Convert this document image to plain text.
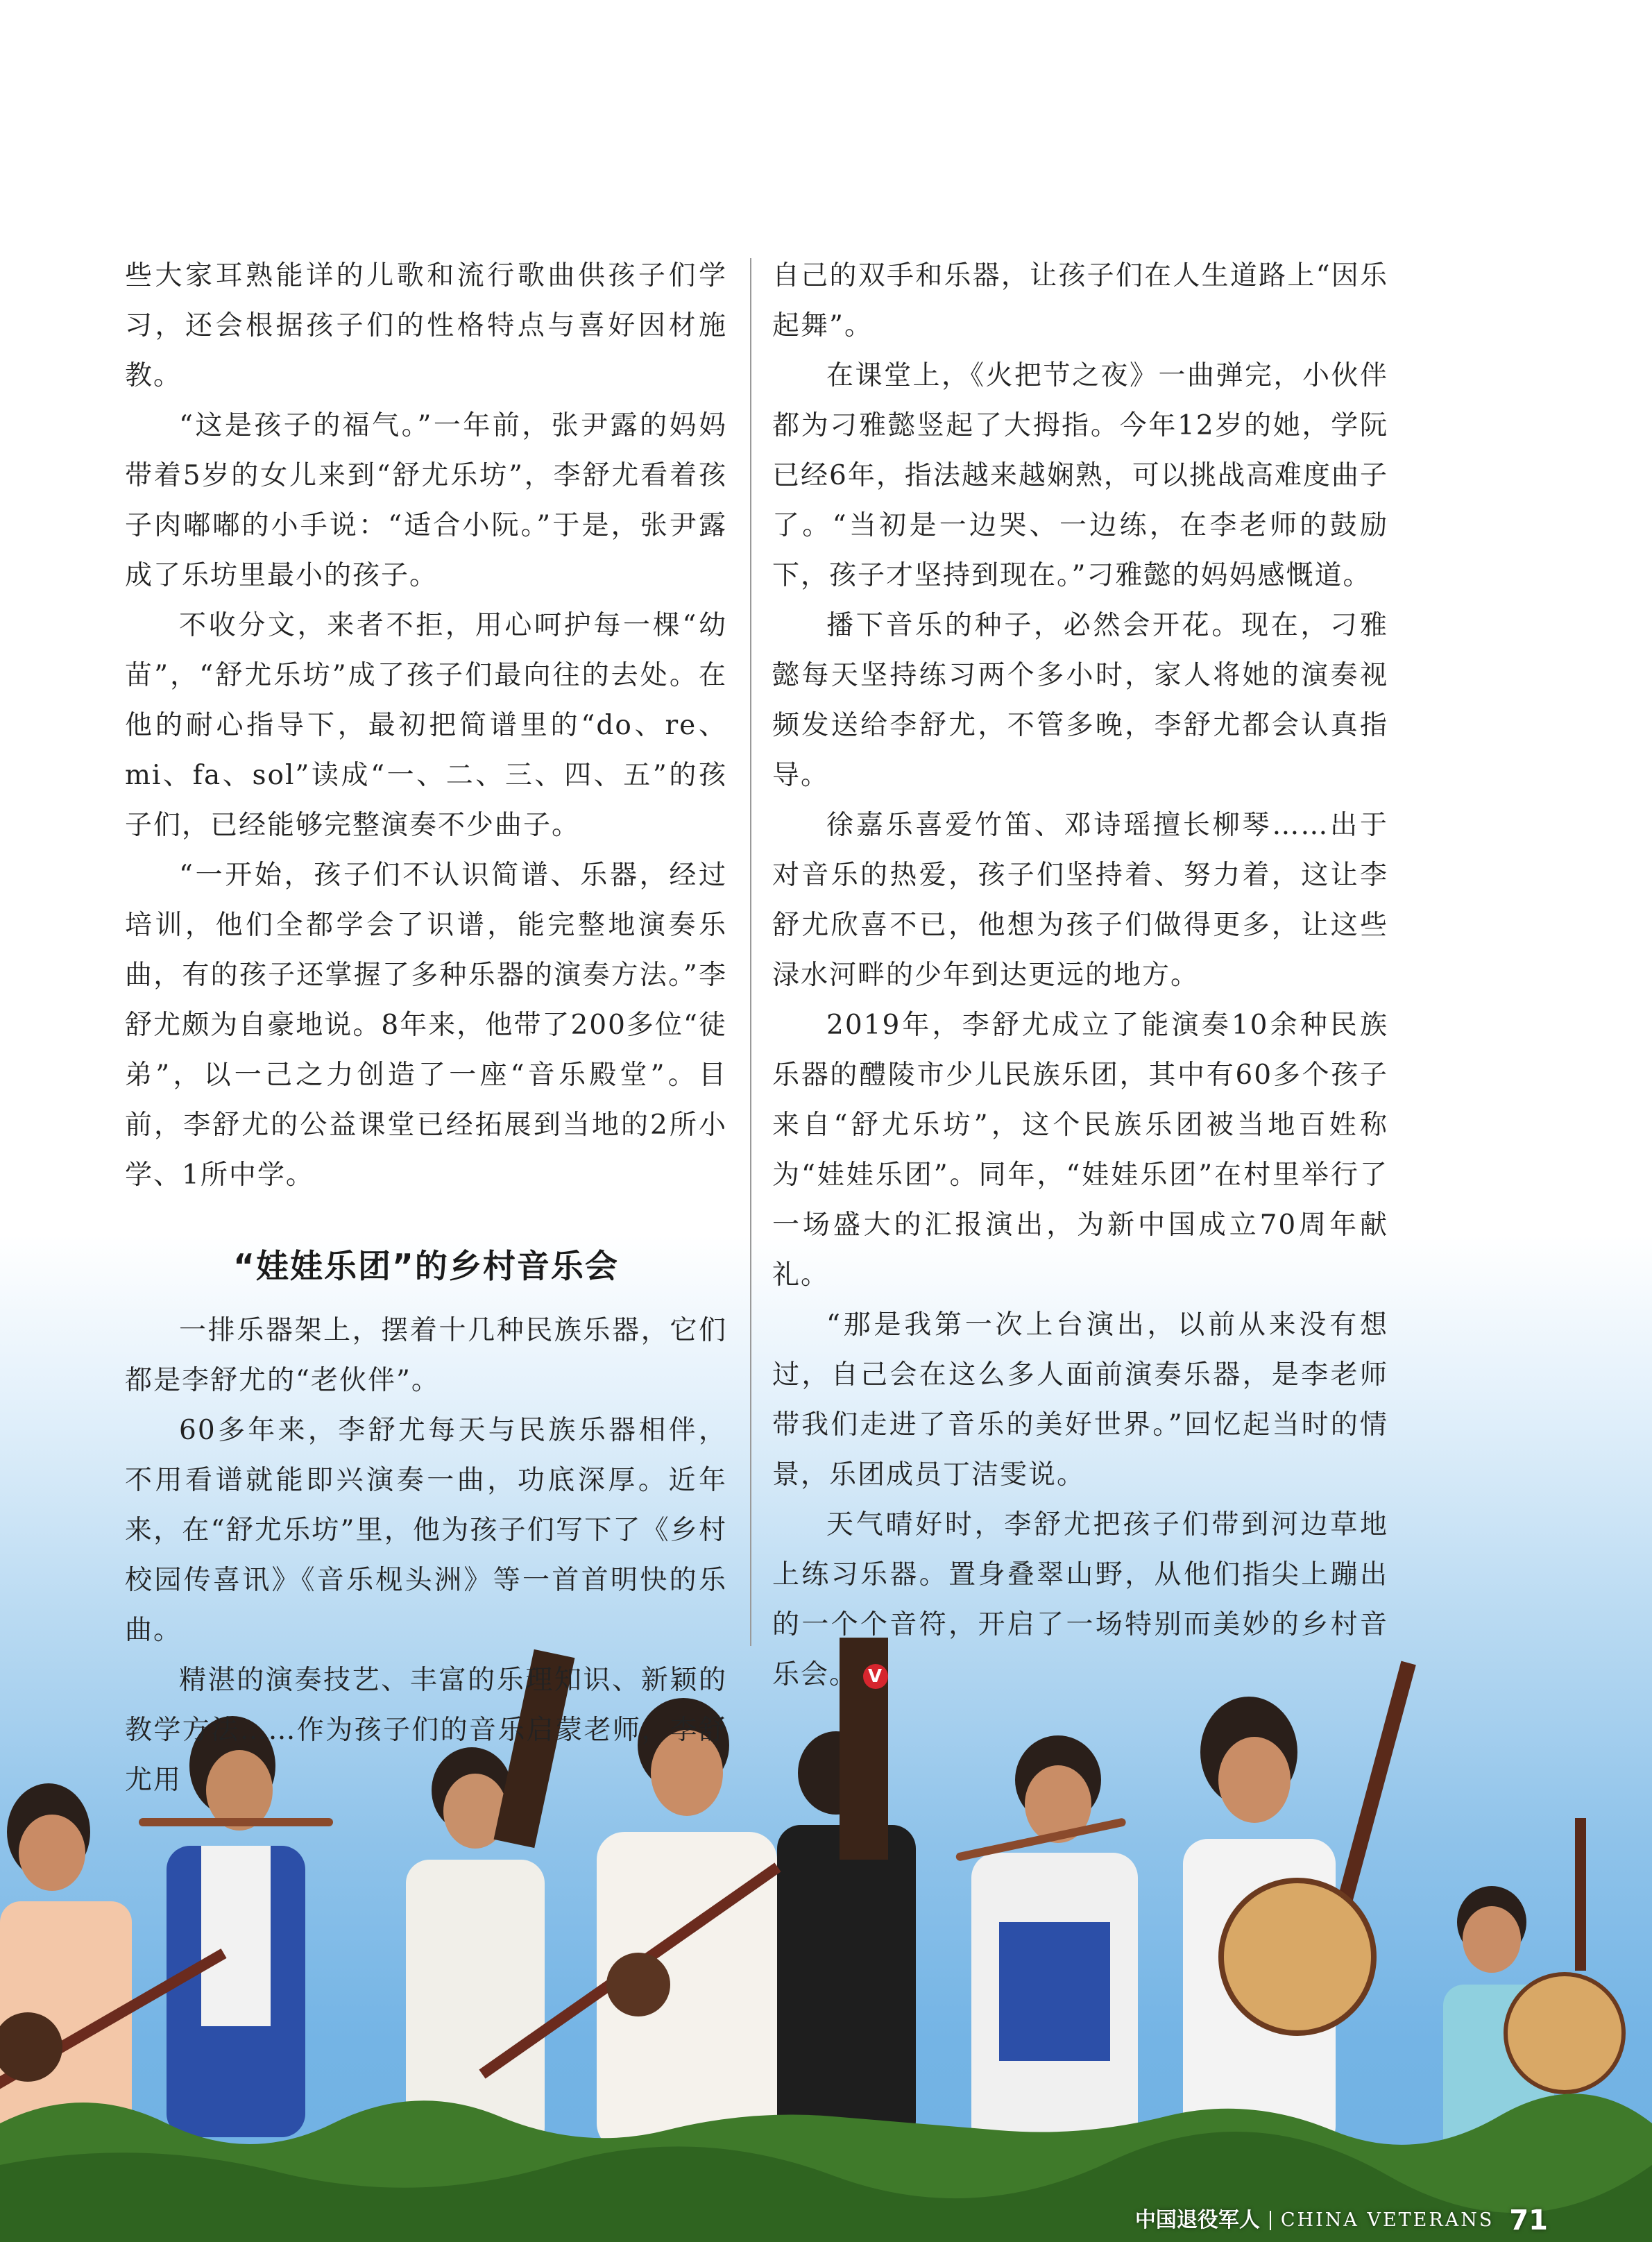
些大家耳熟能详的儿歌和流行歌曲供孩子们学习，还会根据孩子们的性格特点与喜好因材施教。

“这是孩子的福气。”一年前，张尹露的妈妈带着5岁的女儿来到“舒尤乐坊”，李舒尤看着孩子肉嘟嘟的小手说：“适合小阮。”于是，张尹露成了乐坊里最小的孩子。

不收分文，来者不拒，用心呵护每一棵“幼苗”，“舒尤乐坊”成了孩子们最向往的去处。在他的耐心指导下，最初把简谱里的“do、re、mi、fa、sol”读成“一、二、三、四、五”的孩子们，已经能够完整演奏不少曲子。

“一开始，孩子们不认识简谱、乐器，经过培训，他们全都学会了识谱，能完整地演奏乐曲，有的孩子还掌握了多种乐器的演奏方法。”李舒尤颇为自豪地说。8年来，他带了200多位“徒弟”，以一己之力创造了一座“音乐殿堂”。目前，李舒尤的公益课堂已经拓展到当地的2所小学、1所中学。

“娃娃乐团”的乡村音乐会

一排乐器架上，摆着十几种民族乐器，它们都是李舒尤的“老伙伴”。

60多年来，李舒尤每天与民族乐器相伴，不用看谱就能即兴演奏一曲，功底深厚。近年来，在“舒尤乐坊”里，他为孩子们写下了《乡村校园传喜讯》《音乐枧头洲》等一首首明快的乐曲。

精湛的演奏技艺、丰富的乐理知识、新颖的教学方法……作为孩子们的音乐启蒙老师，李舒尤用

自己的双手和乐器，让孩子们在人生道路上“因乐起舞”。

在课堂上，《火把节之夜》一曲弹完，小伙伴都为刁雅懿竖起了大拇指。今年12岁的她，学阮已经6年，指法越来越娴熟，可以挑战高难度曲子了。“当初是一边哭、一边练，在李老师的鼓励下，孩子才坚持到现在。”刁雅懿的妈妈感慨道。

播下音乐的种子，必然会开花。现在，刁雅懿每天坚持练习两个多小时，家人将她的演奏视频发送给李舒尤，不管多晚，李舒尤都会认真指导。

徐嘉乐喜爱竹笛、邓诗瑶擅长柳琴……出于对音乐的热爱，孩子们坚持着、努力着，这让李舒尤欣喜不已，他想为孩子们做得更多，让这些渌水河畔的少年到达更远的地方。

2019年，李舒尤成立了能演奏10余种民族乐器的醴陵市少儿民族乐团，其中有60多个孩子来自“舒尤乐坊”，这个民族乐团被当地百姓称为“娃娃乐团”。同年，“娃娃乐团”在村里举行了一场盛大的汇报演出，为新中国成立70周年献礼。

“那是我第一次上台演出，以前从来没有想过，自己会在这么多人面前演奏乐器，是李老师带我们走进了音乐的美好世界。”回忆起当时的情景，乐团成员丁洁雯说。

天气晴好时，李舒尤把孩子们带到河边草地上练习乐器。置身叠翠山野，从他们指尖上蹦出的一个个音符，开启了一场特别而美妙的乡村音乐会。 V

中国退役军人 CHINA VETERANS 71
